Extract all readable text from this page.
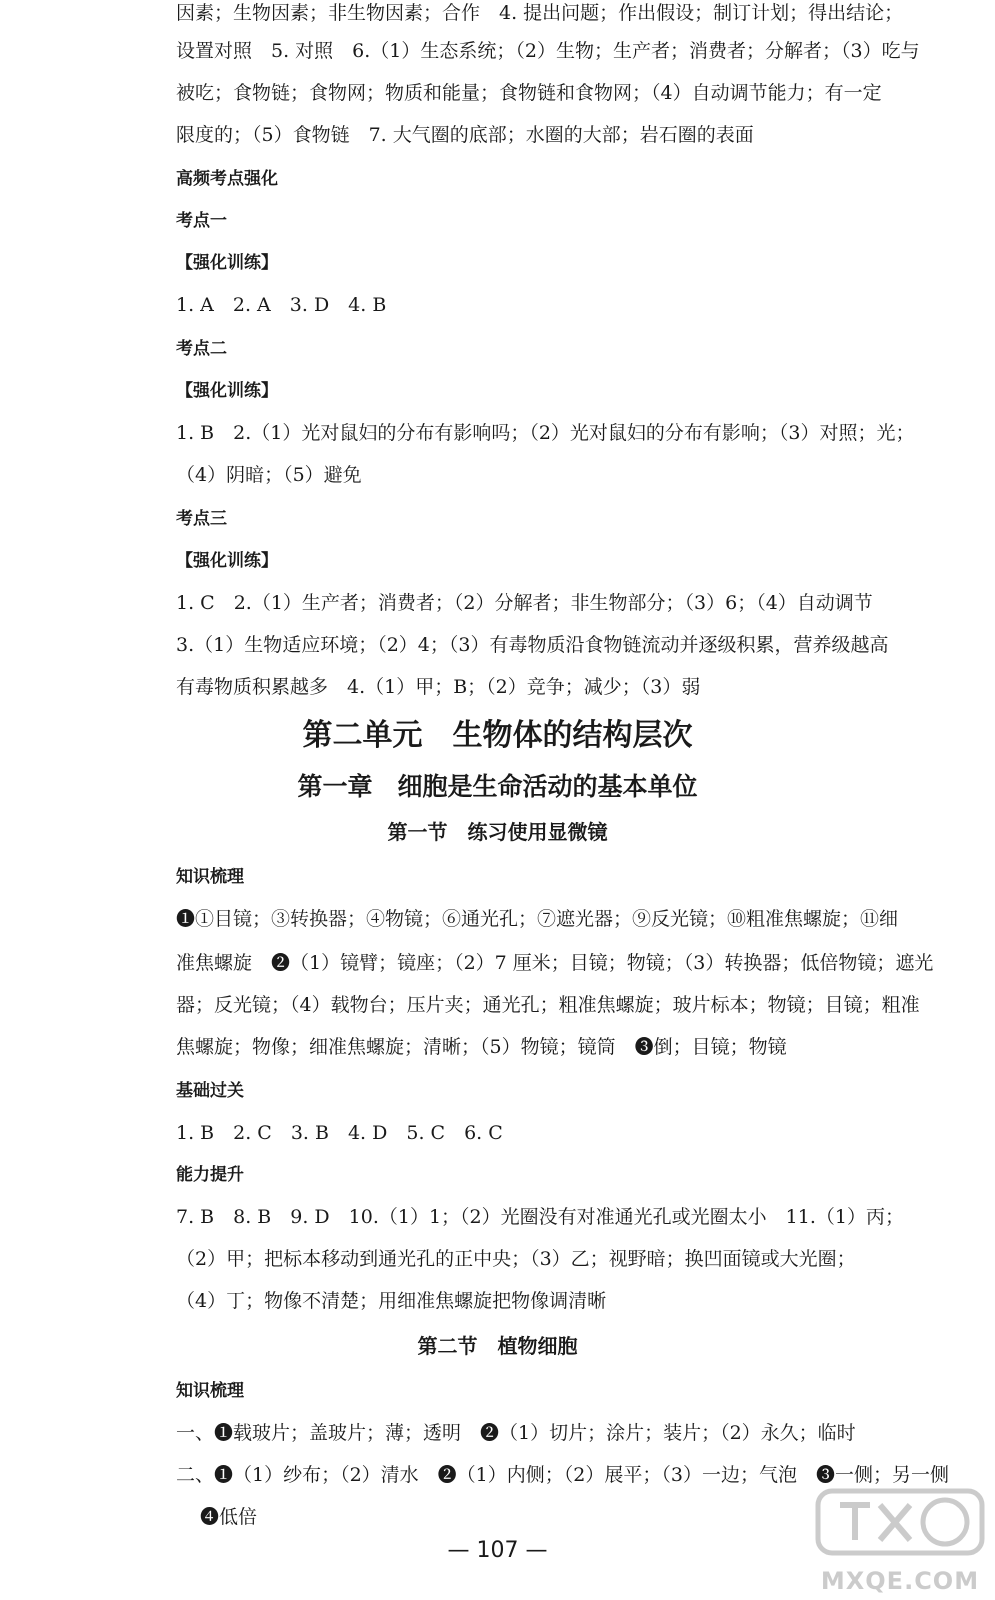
因素；生物因素；非生物因素；合作　4. 提出问题；作出假设；制订计划；得出结论；
设置对照　5. 对照　6.（1）生态系统；（2）生物；生产者；消费者；分解者；（3）吃与
被吃；食物链；食物网；物质和能量；食物链和食物网；（4）自动调节能力；有一定
限度的；（5）食物链　7. 大气圈的底部；水圈的大部；岩石圈的表面
高频考点强化
考点一
【强化训练】
1. A　2. A　3. D　4. B
考点二
【强化训练】
1. B　2.（1）光对鼠妇的分布有影响吗；（2）光对鼠妇的分布有影响；（3）对照；光；
（4）阴暗；（5）避免
考点三
【强化训练】
1. C　2.（1）生产者；消费者；（2）分解者；非生物部分；（3）6；（4）自动调节
3.（1）生物适应环境；（2）4；（3）有毒物质沿食物链流动并逐级积累，营养级越高
有毒物质积累越多　4.（1）甲；B；（2）竞争；减少；（3）弱
第二单元　生物体的结构层次
第一章　细胞是生命活动的基本单位
第一节　练习使用显微镜
知识梳理
❶①目镜；③转换器；④物镜；⑥通光孔；⑦遮光器；⑨反光镜；⑩粗准焦螺旋；⑪细
准焦螺旋　❷（1）镜臂；镜座；（2）7 厘米；目镜；物镜；（3）转换器；低倍物镜；遮光
器；反光镜；（4）载物台；压片夹；通光孔；粗准焦螺旋；玻片标本；物镜；目镜；粗准
焦螺旋；物像；细准焦螺旋；清晰；（5）物镜；镜筒　❸倒；目镜；物镜
基础过关
1. B　2. C　3. B　4. D　5. C　6. C
能力提升
7. B　8. B　9. D　10.（1）1；（2）光圈没有对准通光孔或光圈太小　11.（1）丙；
（2）甲；把标本移动到通光孔的正中央；（3）乙；视野暗；换凹面镜或大光圈；
（4）丁；物像不清楚；用细准焦螺旋把物像调清晰
第二节　植物细胞
知识梳理
一、❶载玻片；盖玻片；薄；透明　❷（1）切片；涂片；装片；（2）永久；临时
二、❶（1）纱布；（2）清水　❷（1）内侧；（2）展平；（3）一边；气泡　❸一侧；另一侧
❹低倍
— 107 —
MXQE.COM
